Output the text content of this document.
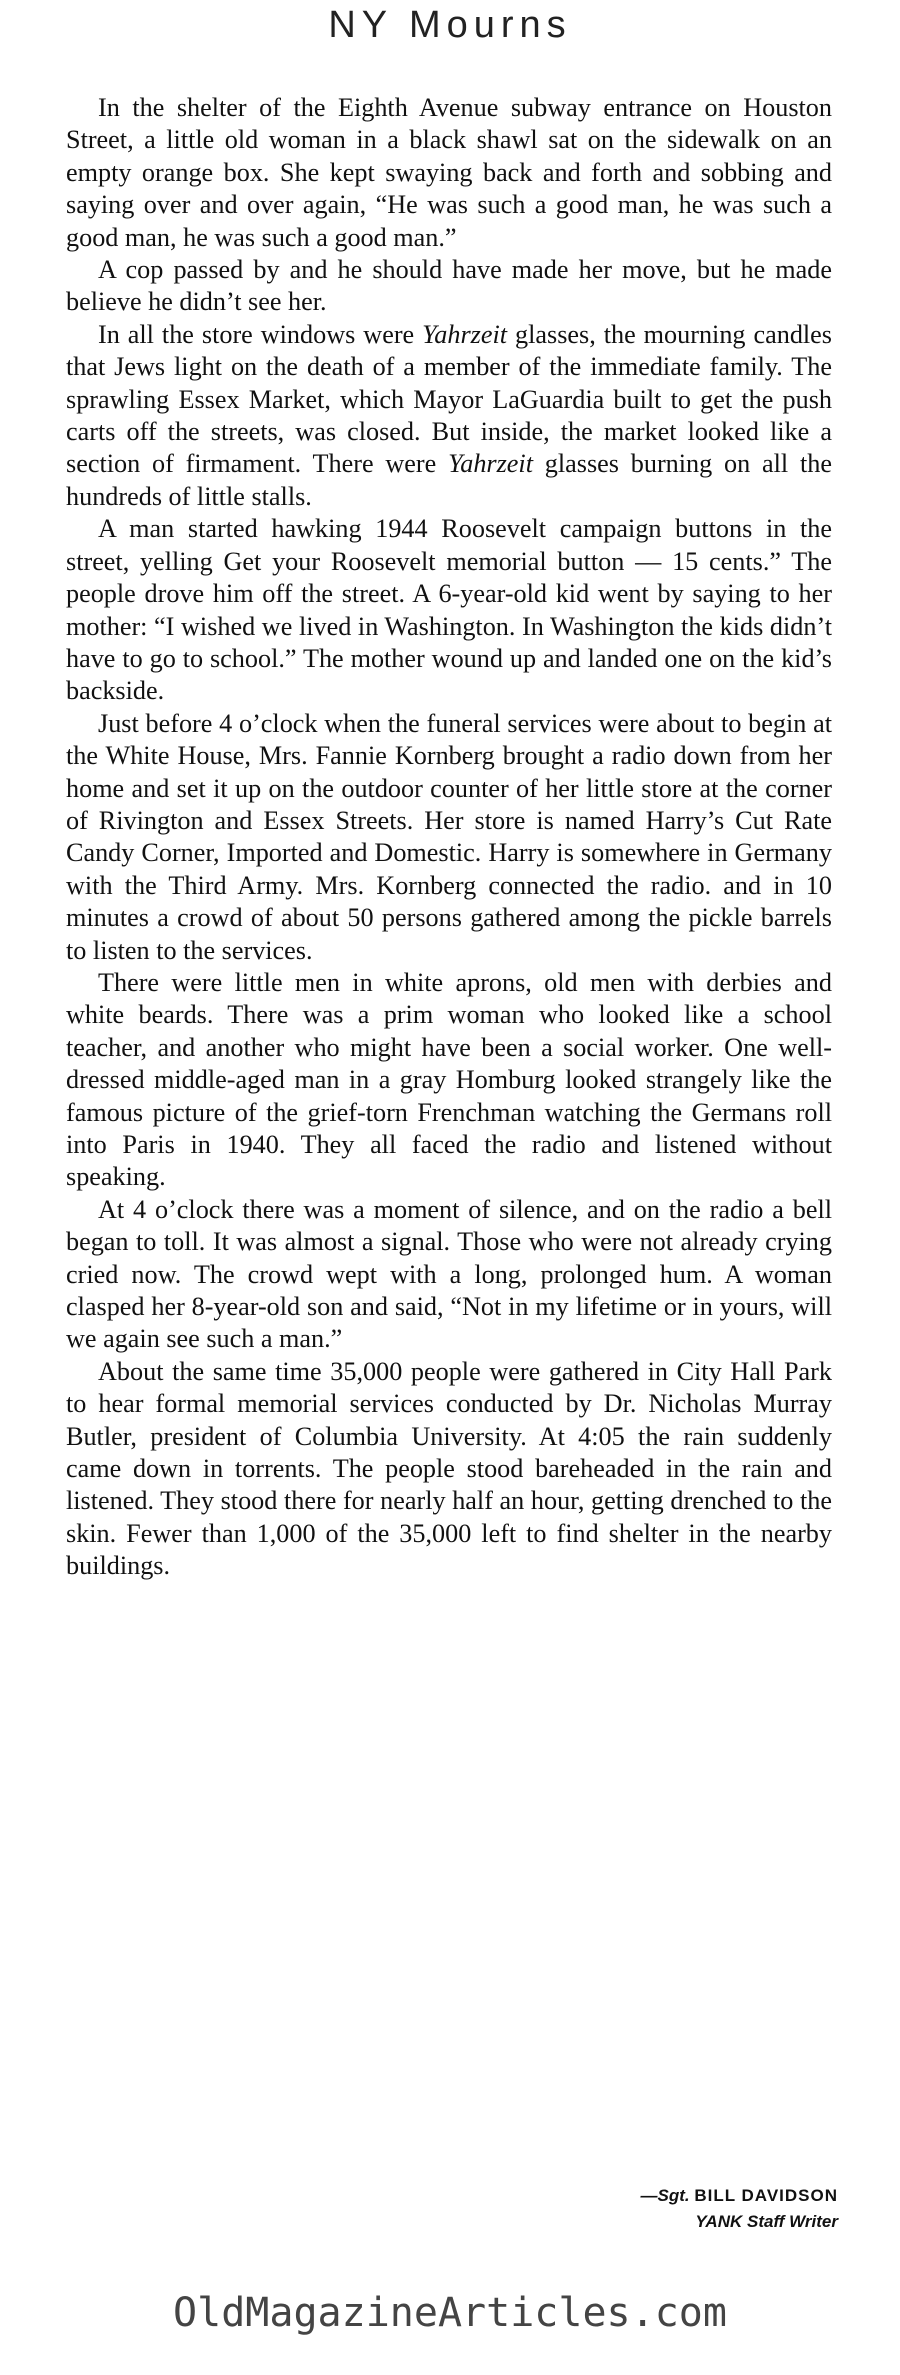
NY Mourns

In the shelter of the Eighth Avenue subway entrance on Houston Street, a little old woman in a black shawl sat on the sidewalk on an empty orange box. She kept swaying back and forth and sobbing and saying over and over again, “He was such a good man, he was such a good man, he was such a good man.”

A cop passed by and he should have made her move, but he made believe he didn’t see her.

In all the store windows were Yahrzeit glasses, the mourning candles that Jews light on the death of a member of the immediate family. The sprawling Essex Market, which Mayor LaGuardia built to get the push carts off the streets, was closed. But inside, the market looked like a section of firmament. There were Yahrzeit glasses burning on all the hundreds of little stalls.

A man started hawking 1944 Roosevelt campaign buttons in the street, yelling Get your Roosevelt memorial button — 15 cents.” The people drove him off the street. A 6-year-old kid went by saying to her mother: “I wished we lived in Washington. In Washington the kids didn’t have to go to school.” The mother wound up and landed one on the kid’s backside.

Just before 4 o’clock when the funeral services were about to begin at the White House, Mrs. Fannie Kornberg brought a radio down from her home and set it up on the outdoor counter of her little store at the corner of Rivington and Essex Streets. Her store is named Harry’s Cut Rate Candy Corner, Imported and Domestic. Harry is somewhere in Germany with the Third Army. Mrs. Kornberg connected the radio. and in 10 minutes a crowd of about 50 persons gathered among the pickle barrels to listen to the services.

There were little men in white aprons, old men with derbies and white beards. There was a prim woman who looked like a school teacher, and another who might have been a social worker. One well-dressed middle-aged man in a gray Homburg looked strangely like the famous picture of the grief-torn Frenchman watching the Germans roll into Paris in 1940. They all faced the radio and listened without speaking.

At 4 o’clock there was a moment of silence, and on the radio a bell began to toll. It was almost a signal. Those who were not already crying cried now. The crowd wept with a long, prolonged hum. A woman clasped her 8-year-old son and said, “Not in my lifetime or in yours, will we again see such a man.”

About the same time 35,000 people were gathered in City Hall Park to hear formal memorial services conducted by Dr. Nicholas Murray Butler, president of Columbia University. At 4:05 the rain suddenly came down in torrents. The people stood bareheaded in the rain and listened. They stood there for nearly half an hour, getting drenched to the skin. Fewer than 1,000 of the 35,000 left to find shelter in the nearby buildings.

—Sgt. BILL DAVIDSON
YANK Staff Writer
OldMagazineArticles.com
